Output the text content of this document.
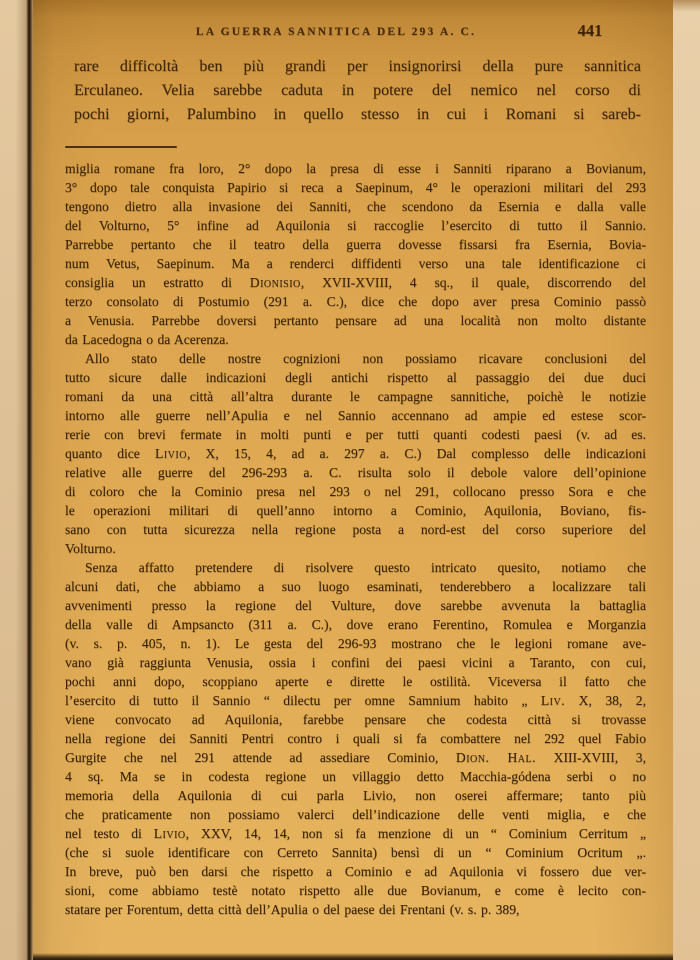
LA GUERRA SANNITICA DEL 293 A. C.	441
rare difficoltà ben più grandi per insignorirsi della pure sannitica
Erculaneo. Velia sarebbe caduta in potere del nemico nel corso di
pochi giorni, Palumbino in quello stesso in cui i Romani si sareb-
miglia romane fra loro, 2° dopo la presa di esse i Sanniti riparano a Bovianum,
3° dopo tale conquista Papirio si reca a Saepinum, 4° le operazioni militari del 293
tengono dietro alla invasione dei Sanniti, che scendono da Esernia e dalla valle
del Volturno, 5° infine ad Aquilonia si raccoglie l’esercito di tutto il Sannio.
Parrebbe pertanto che il teatro della guerra dovesse fissarsi fra Esernia, Bovia-
num Vetus, Saepinum. Ma a renderci diffidenti verso una tale identificazione ci
consiglia un estratto di Dionisio, XVII-XVIII, 4 sq., il quale, discorrendo del
terzo consolato di Postumio (291 a. C.), dice che dopo aver presa Cominio passò
a Venusia. Parrebbe doversi pertanto pensare ad una località non molto distante
da Lacedogna o da Acerenza.
Allo stato delle nostre cognizioni non possiamo ricavare conclusioni del
tutto sicure dalle indicazioni degli antichi rispetto al passaggio dei due duci
romani da una città all’altra durante le campagne sannitiche, poichè le notizie
intorno alle guerre nell’Apulia e nel Sannio accennano ad ampie ed estese scor-
rerie con brevi fermate in molti punti e per tutti quanti codesti paesi (v. ad es.
quanto dice Livio, X, 15, 4, ad a. 297 a. C.) Dal complesso delle indicazioni
relative alle guerre del 296-293 a. C. risulta solo il debole valore dell’opinione
di coloro che la Cominio presa nel 293 o nel 291, collocano presso Sora e che
le operazioni militari di quell’anno intorno a Cominio, Aquilonia, Boviano, fis-
sano con tutta sicurezza nella regione posta a nord-est del corso superiore del
Volturno.
Senza affatto pretendere di risolvere questo intricato quesito, notiamo che
alcuni dati, che abbiamo a suo luogo esaminati, tenderebbero a localizzare tali
avvenimenti presso la regione del Vulture, dove sarebbe avvenuta la battaglia
della valle di Ampsancto (311 a. C.), dove erano Ferentino, Romulea e Morganzia
(v. s. p. 405, n. 1). Le gesta del 296-93 mostrano che le legioni romane ave-
vano già raggiunta Venusia, ossia i confini dei paesi vicini a Taranto, con cui,
pochi anni dopo, scoppiano aperte e dirette le ostilità. Viceversa il fatto che
l’esercito di tutto il Sannio “ dilectu per omne Samnium habito „ Liv. X, 38, 2,
viene convocato ad Aquilonia, farebbe pensare che codesta città si trovasse
nella regione dei Sanniti Pentri contro i quali si fa combattere nel 292 quel Fabio
Gurgite che nel 291 attende ad assediare Cominio, Dion. Hal. XIII-XVIII, 3,
4 sq. Ma se in codesta regione un villaggio detto Macchia-gódena serbi o no
memoria della Aquilonia di cui parla Livio, non oserei affermare; tanto più
che praticamente non possiamo valerci dell’indicazione delle venti miglia, e che
nel testo di Livio, XXV, 14, 14, non si fa menzione di un “ Cominium Cerritum „
(che si suole identificare con Cerreto Sannita) bensì di un “ Cominium Ocritum „.
In breve, può ben darsi che rispetto a Cominio e ad Aquilonia vi fossero due ver-
sioni, come abbiamo testè notato rispetto alle due Bovianum, e come è lecito con-
statare per Forentum, detta città dell’Apulia o del paese dei Frentani (v. s. p. 389,
